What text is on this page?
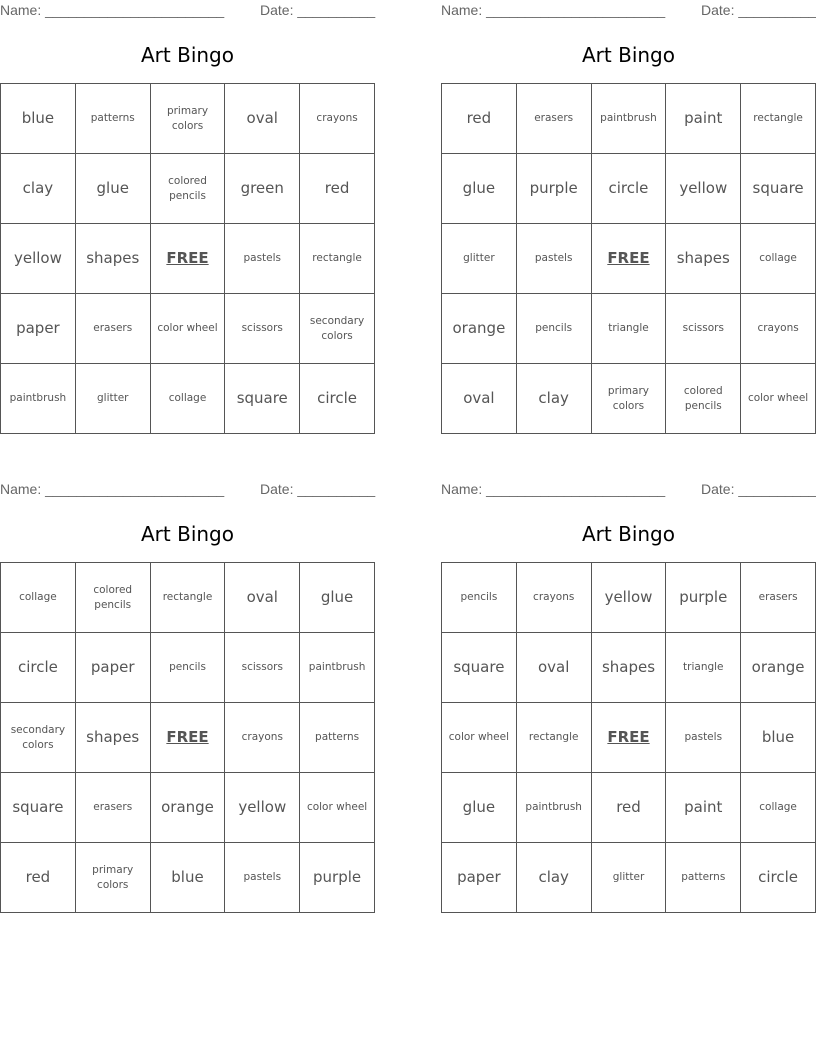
Name: _______________________	Date: __________
Art Bingo
blue	patterns	primary colors	oval	crayons
clay	glue	colored pencils	green	red
yellow	shapes	FREE	pastels	rectangle
paper	erasers	color wheel	scissors	secondary colors
paintbrush	glitter	collage	square	circle
Name: _______________________	Date: __________
Art Bingo
red	erasers	paintbrush	paint	rectangle
glue	purple	circle	yellow	square
glitter	pastels	FREE	shapes	collage
orange	pencils	triangle	scissors	crayons
oval	clay	primary colors	colored pencils	color wheel
Name: _______________________	Date: __________
Art Bingo
collage	colored pencils	rectangle	oval	glue
circle	paper	pencils	scissors	paintbrush
secondary colors	shapes	FREE	crayons	patterns
square	erasers	orange	yellow	color wheel
red	primary colors	blue	pastels	purple
Name: _______________________	Date: __________
Art Bingo
pencils	crayons	yellow	purple	erasers
square	oval	shapes	triangle	orange
color wheel	rectangle	FREE	pastels	blue
glue	paintbrush	red	paint	collage
paper	clay	glitter	patterns	circle
